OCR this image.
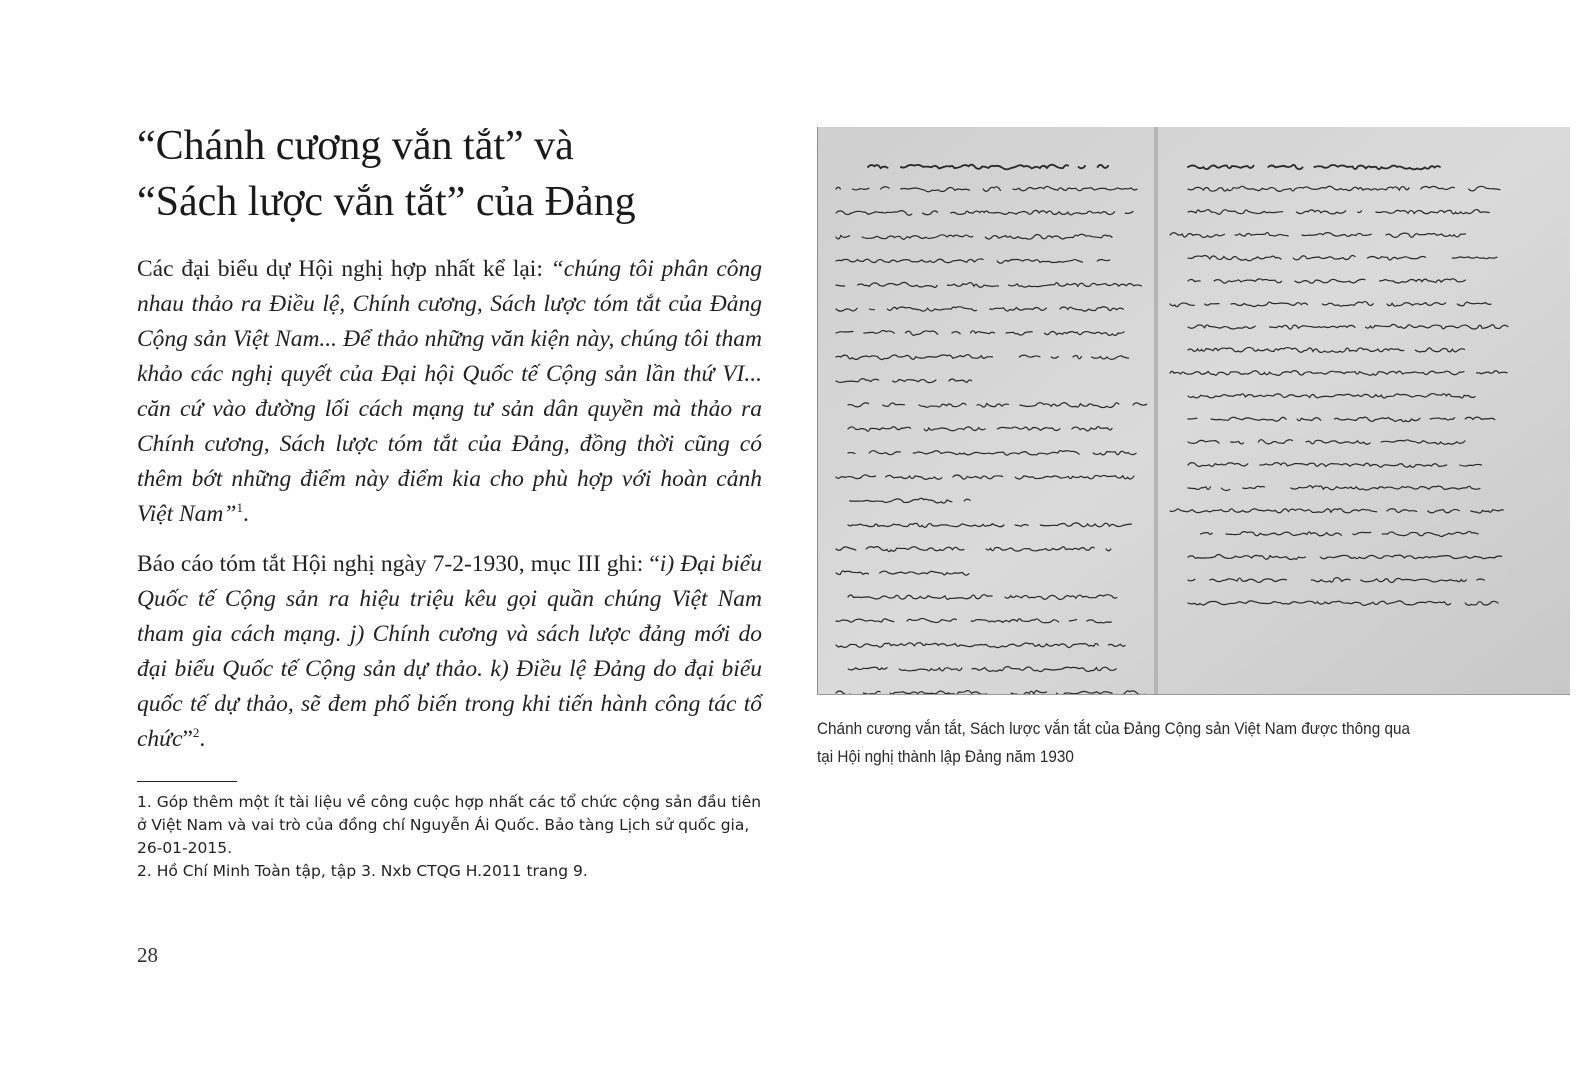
“Chánh cương vắn tắt” và
“Sách lược vắn tắt” của Đảng

Các đại biểu dự Hội nghị hợp nhất kể lại: “chúng tôi phân công nhau thảo ra Điều lệ, Chính cương, Sách lược tóm tắt của Đảng Cộng sản Việt Nam... Để thảo những văn kiện này, chúng tôi tham khảo các nghị quyết của Đại hội Quốc tế Cộng sản lần thứ VI... căn cứ vào đường lối cách mạng tư sản dân quyền mà thảo ra Chính cương, Sách lược tóm tắt của Đảng, đồng thời cũng có thêm bớt những điểm này điểm kia cho phù hợp với hoàn cảnh Việt Nam”$^1$.

Báo cáo tóm tắt Hội nghị ngày 7-2-1930, mục III ghi: “i) Đại biểu Quốc tế Cộng sản ra hiệu triệu kêu gọi quần chúng Việt Nam tham gia cách mạng. j) Chính cương và sách lược đảng mới do đại biểu Quốc tế Cộng sản dự thảo. k) Điều lệ Đảng do đại biểu quốc tế dự thảo, sẽ đem phổ biến trong khi tiến hành công tác tổ chức”$^2$.

1. Góp thêm một ít tài liệu về công cuộc hợp nhất các tổ chức cộng sản đầu tiên ở Việt Nam và vai trò của đồng chí Nguyễn Ái Quốc. Bảo tàng Lịch sử quốc gia, 26-01-2015.
2. Hồ Chí Minh Toàn tập, tập 3. Nxb CTQG H.2011 trang 9.
28
Chánh cương vắn tắt, Sách lược vắn tắt của Đảng Cộng sản Việt Nam được thông qua
tại Hội nghị thành lập Đảng năm 1930
